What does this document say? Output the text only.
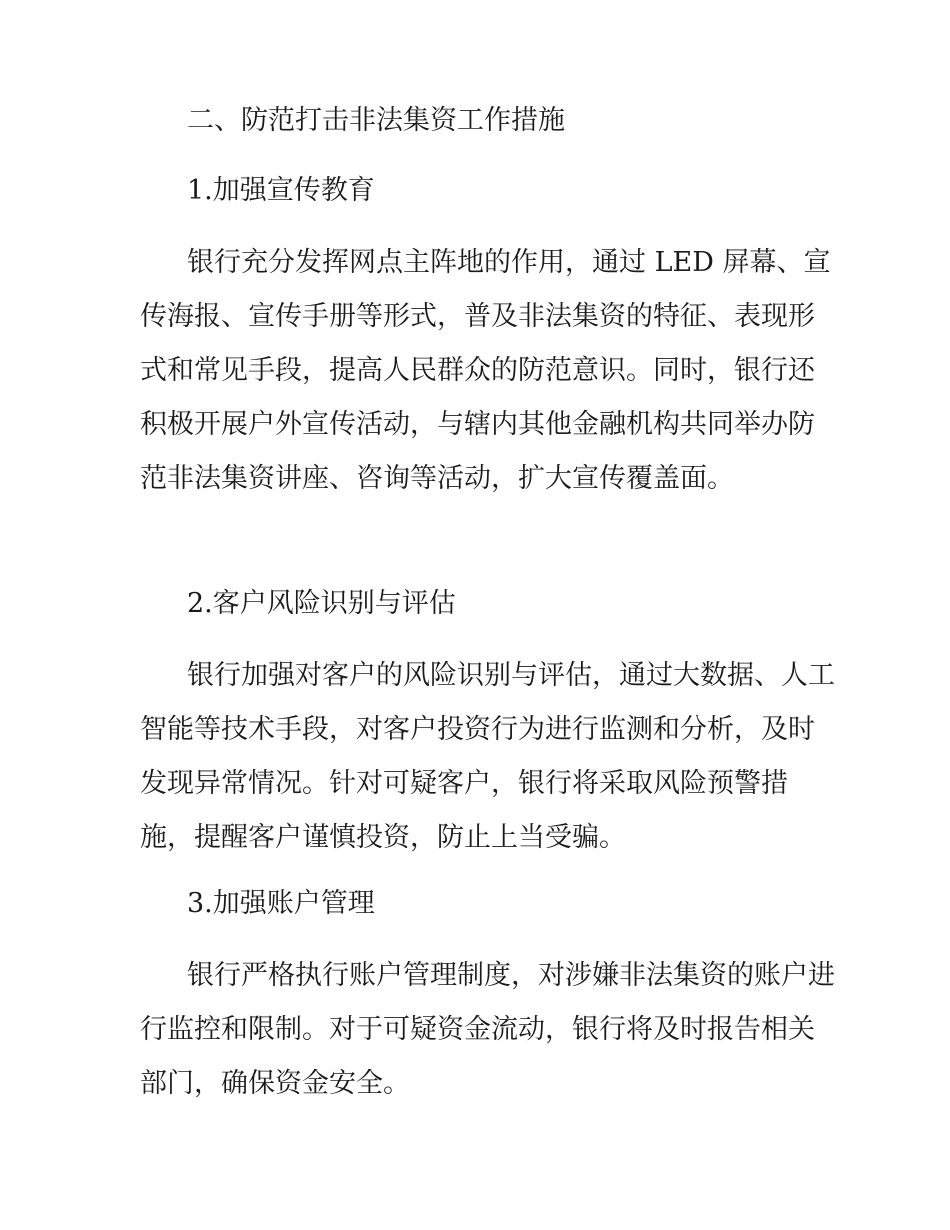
二、防范打击非法集资工作措施
1.加强宣传教育

银行充分发挥网点主阵地的作用，通过 LED 屏幕、宣传海报、宣传手册等形式，普及非法集资的特征、表现形式和常见手段，提高人民群众的防范意识。同时，银行还积极开展户外宣传活动，与辖内其他金融机构共同举办防范非法集资讲座、咨询等活动，扩大宣传覆盖面。

2.客户风险识别与评估

银行加强对客户的风险识别与评估，通过大数据、人工智能等技术手段，对客户投资行为进行监测和分析，及时发现异常情况。针对可疑客户，银行将采取风险预警措施，提醒客户谨慎投资，防止上当受骗。

3.加强账户管理

银行严格执行账户管理制度，对涉嫌非法集资的账户进行监控和限制。对于可疑资金流动，银行将及时报告相关部门，确保资金安全。
